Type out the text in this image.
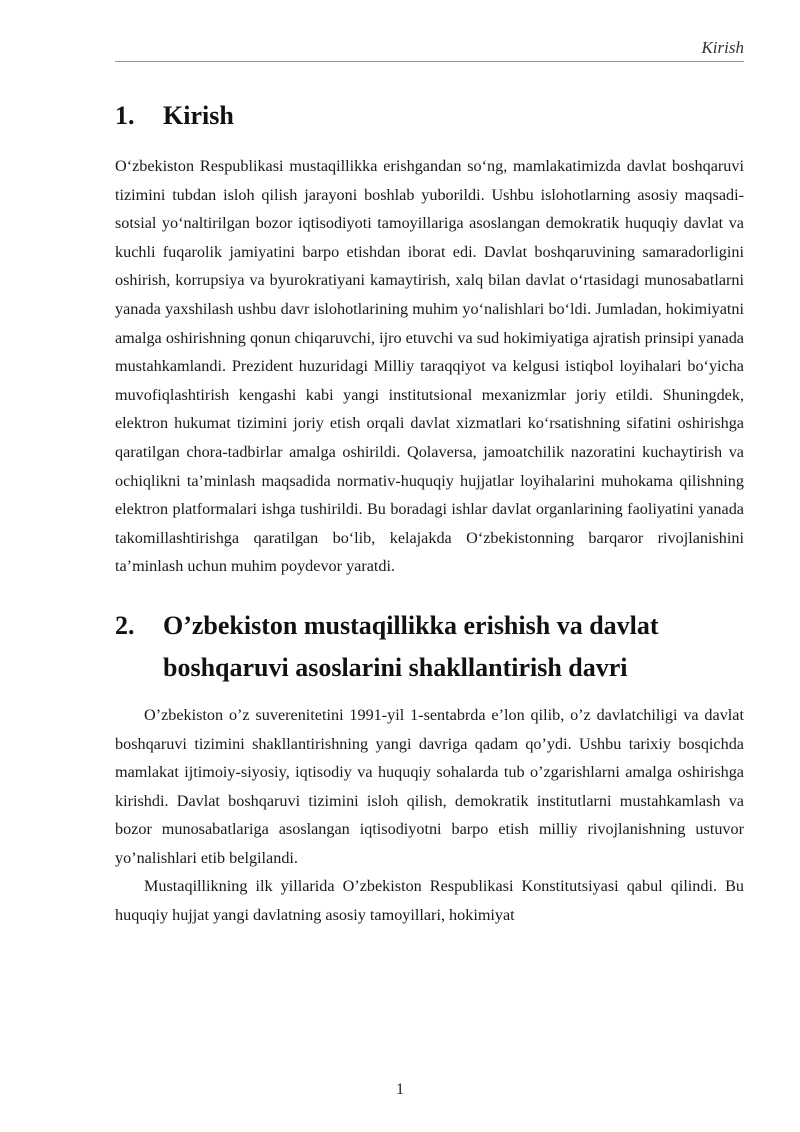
Kirish
1.	Kirish

O‘zbekiston Respublikasi mustaqillikka erishgandan so‘ng, mamlakatimizda davlat boshqaruvi tizimini tubdan isloh qilish jarayoni boshlab yuborildi. Ushbu islohotlarning asosiy maqsadi-sotsial yo‘naltirilgan bozor iqtisodiyoti tamoyillariga asoslangan demokratik huquqiy davlat va kuchli fuqarolik jamiyatini barpo etishdan iborat edi. Davlat boshqaruvining samaradorligini oshirish, korrupsiya va byurokratiyani kamaytirish, xalq bilan davlat o‘rtasidagi munosabatlarni yanada yaxshilash ushbu davr islohotlarining muhim yo‘nalishlari bo‘ldi. Jumladan, hokimiyatni amalga oshirishning qonun chiqaruvchi, ijro etuvchi va sud hokimiyatiga ajratish prinsipi yanada mustahkamlandi. Prezident huzuridagi Milliy taraqqiyot va kelgusi istiqbol loyihalari bo‘yicha muvofiqlashtirish kengashi kabi yangi institutsional mexanizmlar joriy etildi. Shuningdek, elektron hukumat tizimini joriy etish orqali davlat xizmatlari ko‘rsatishning sifatini oshirishga qaratilgan chora-tadbirlar amalga oshirildi. Qolaversa, jamoatchilik nazoratini kuchaytirish va ochiqlikni ta’minlash maqsadida normativ-huquqiy hujjatlar loyihalarini muhokama qilishning elektron platformalari ishga tushirildi. Bu boradagi ishlar davlat organlarining faoliyatini yanada takomillashtirishga qaratilgan bo‘lib, kelajakda O‘zbekistonning barqaror rivojlanishini ta’minlash uchun muhim poydevor yaratdi.

2.	O’zbekiston mustaqillikka erishish va davlat boshqaruvi asoslarini shakllantirish davri

O’zbekiston o’z suverenitetini 1991-yil 1-sentabrda e’lon qilib, o’z davlatchiligi va davlat boshqaruvi tizimini shakllantirishning yangi davriga qadam qo’ydi. Ushbu tarixiy bosqichda mamlakat ijtimoiy-siyosiy, iqtisodiy va huquqiy sohalarda tub o’zgarishlarni amalga oshirishga kirishdi. Davlat boshqaruvi tizimini isloh qilish, demokratik institutlarni mustahkamlash va bozor munosabatlariga asoslangan iqtisodiyotni barpo etish milliy rivojlanishning ustuvor yo’nalishlari etib belgilandi.

Mustaqillikning ilk yillarida O’zbekiston Respublikasi Konstitutsiyasi qabul qilindi. Bu huquqiy hujjat yangi davlatning asosiy tamoyillari, hokimiyat

1
